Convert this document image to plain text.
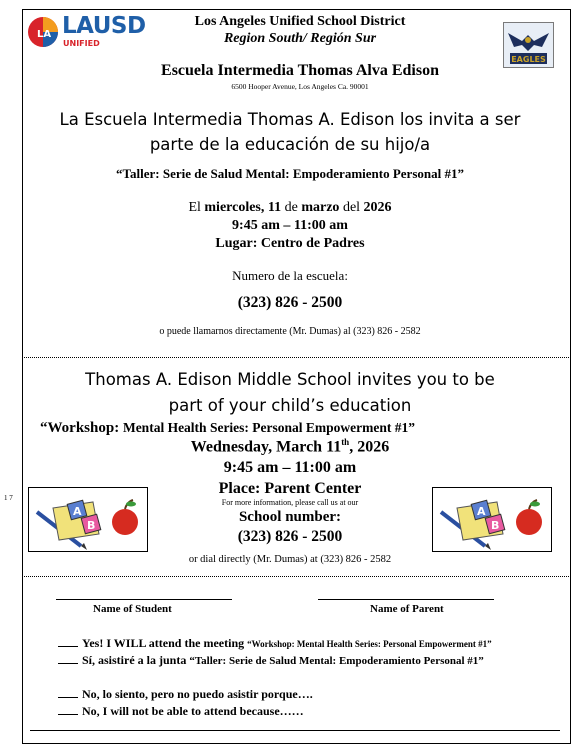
LA LAUSD
UNIFIED
Los Angeles Unified School District
Region South/ Región Sur
Escuela Intermedia Thomas Alva Edison
6500 Hooper Avenue, Los Angeles Ca. 90001
EAGLES
La Escuela Intermedia Thomas A. Edison los invita a ser
parte de la educación de su hijo/a
“Taller: Serie de Salud Mental: Empoderamiento Personal #1”
El miercoles, 11 de marzo del 2026
9:45 am – 11:00 am
Lugar: Centro de Padres
Numero de la escuela:
(323) 826 - 2500
o puede llamarnos directamente (Mr. Dumas) al (323) 826 - 2582
Thomas A. Edison Middle School invites you to be
part of your child’s education
“Workshop: Mental Health Series: Personal Empowerment #1”
Wednesday, March 11th, 2026
9:45 am – 11:00 am
Place: Parent Center
For more information, please call us at our
School number:
(323) 826 - 2500
or dial directly (Mr. Dumas) at (323) 826 - 2582
1 7
A
B
A
B
Name of Student	Name of Parent
Yes! I WILL attend the meeting “Workshop: Mental Health Series: Personal Empowerment #1”
Sí, asistiré a la junta “Taller: Serie de Salud Mental: Empoderamiento Personal #1”
No, lo siento, pero no puedo asistir porque….
No, I will not be able to attend because……
